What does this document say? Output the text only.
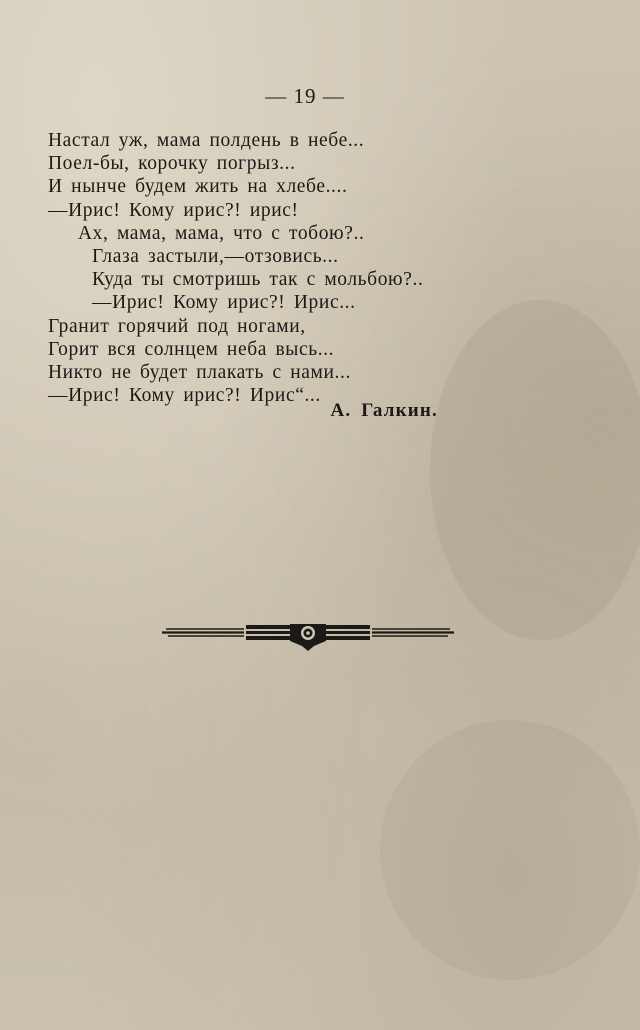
— 19 —
Настал уж, мама полдень в небе...
Поел-бы, корочку погрыз...
И нынче будем жить на хлебе....
—Ирис! Кому ирис?! ирис!
Ах, мама, мама, что с тобою?..
Глаза застыли,—отзовись...
Куда ты смотришь так с мольбою?..
—Ирис! Кому ирис?! Ирис...
Гранит горячий под ногами,
Горит вся солнцем неба высь...
Никто не будет плакать с нами...
—Ирис! Кому ирис?! Ирис“...
А. Галкин.
